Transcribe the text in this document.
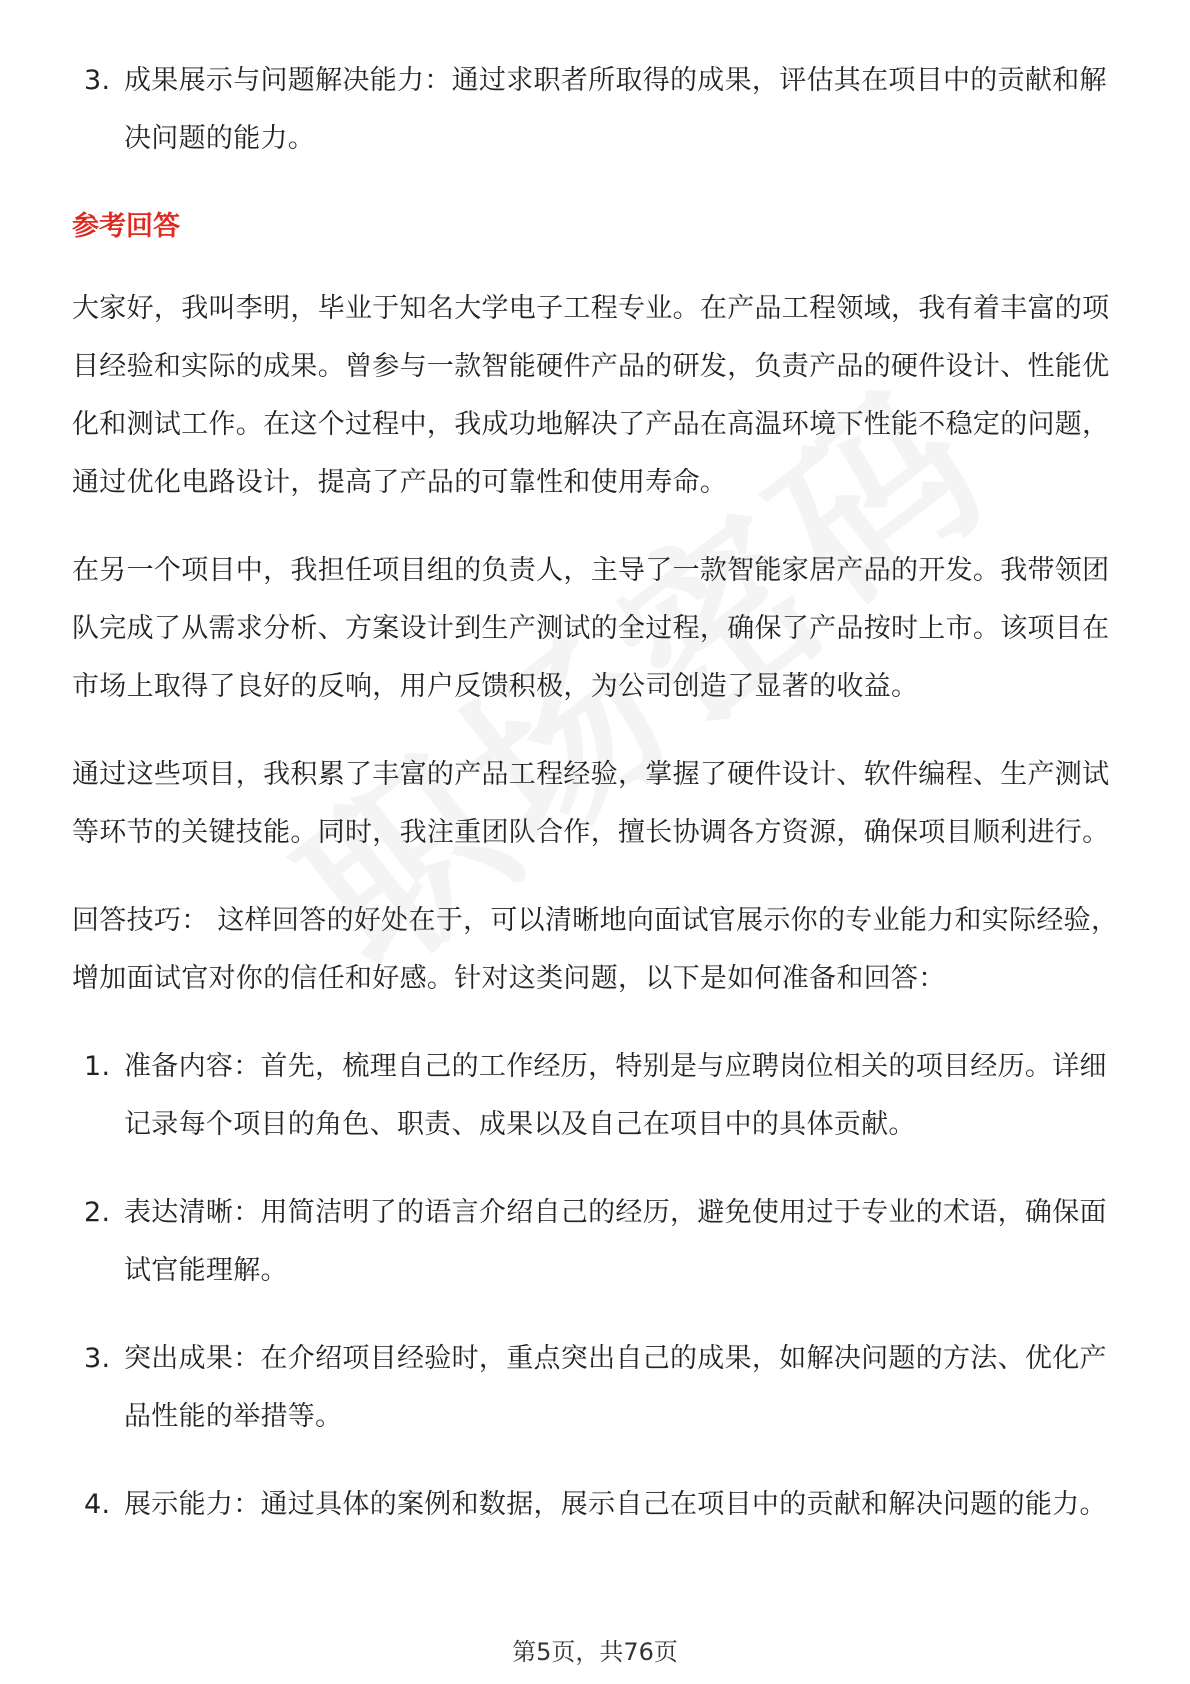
3. 成果展示与问题解决能力：通过求职者所取得的成果，评估其在项目中的贡献和解决问题的能力。
参考回答

大家好，我叫李明，毕业于知名大学电子工程专业。在产品工程领域，我有着丰富的项目经验和实际的成果。曾参与一款智能硬件产品的研发，负责产品的硬件设计、性能优化和测试工作。在这个过程中，我成功地解决了产品在高温环境下性能不稳定的问题，通过优化电路设计，提高了产品的可靠性和使用寿命。

在另一个项目中，我担任项目组的负责人，主导了一款智能家居产品的开发。我带领团队完成了从需求分析、方案设计到生产测试的全过程，确保了产品按时上市。该项目在市场上取得了良好的反响，用户反馈积极，为公司创造了显著的收益。

通过这些项目，我积累了丰富的产品工程经验，掌握了硬件设计、软件编程、生产测试等环节的关键技能。同时，我注重团队合作，擅长协调各方资源，确保项目顺利进行。

回答技巧： 这样回答的好处在于，可以清晰地向面试官展示你的专业能力和实际经验，增加面试官对你的信任和好感。针对这类问题，以下是如何准备和回答：

1. 准备内容：首先，梳理自己的工作经历，特别是与应聘岗位相关的项目经历。详细记录每个项目的角色、职责、成果以及自己在项目中的具体贡献。
2. 表达清晰：用简洁明了的语言介绍自己的经历，避免使用过于专业的术语，确保面试官能理解。
3. 突出成果：在介绍项目经验时，重点突出自己的成果，如解决问题的方法、优化产品性能的举措等。
4. 展示能力：通过具体的案例和数据，展示自己在项目中的贡献和解决问题的能力。
第5页，共76页
